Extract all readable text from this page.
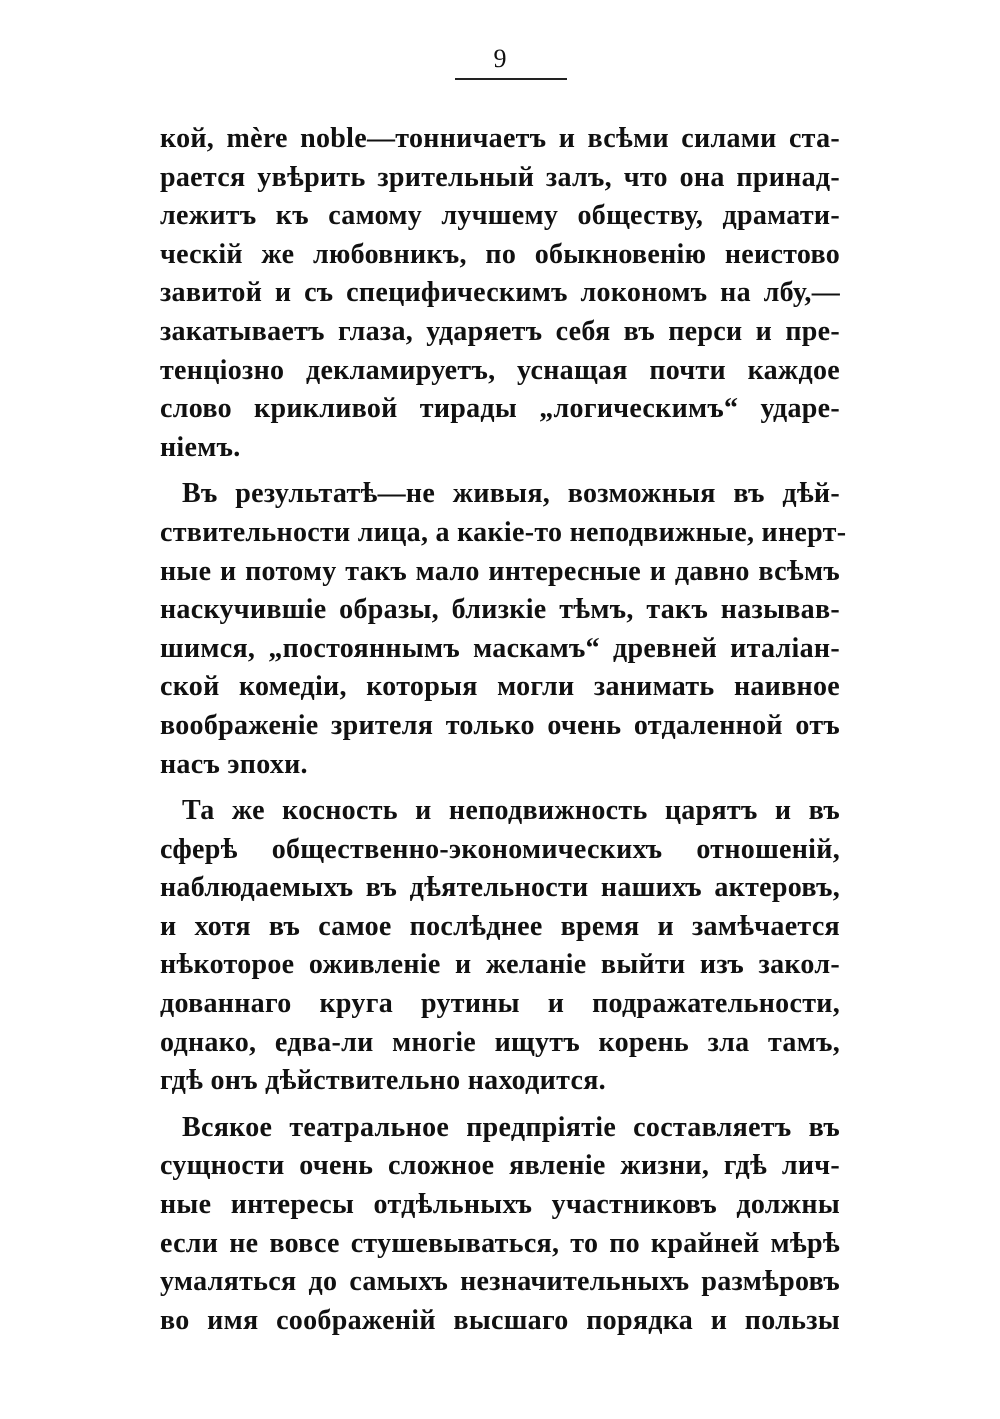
9
кой, mère noble—тонничаетъ и всѣми силами ста-
рается увѣрить зрительный залъ, что она принад-
лежитъ къ самому лучшему обществу, драмати-
ческій же любовникъ, по обыкновенію неистово
завитой и съ специфическимъ локономъ на лбу,—
закатываетъ глаза, ударяетъ себя въ перси и пре-
тенціозно декламируетъ, уснащая почти каждое
слово крикливой тирады „логическимъ“ ударе-
ніемъ.
Въ результатѣ—не живыя, возможныя въ дѣй-
ствительности лица, а какіе-то неподвижные, инерт-
ные и потому такъ мало интересные и давно всѣмъ
наскучившіе образы, близкіе тѣмъ, такъ называв-
шимся, „постояннымъ маскамъ“ древней италіан-
ской комедіи, которыя могли занимать наивное
воображеніе зрителя только очень отдаленной отъ
насъ эпохи.
Та же косность и неподвижность царятъ и въ
сферѣ общественно-экономическихъ отношеній,
наблюдаемыхъ въ дѣятельности нашихъ актеровъ,
и хотя въ самое послѣднее время и замѣчается
нѣкоторое оживленіе и желаніе выйти изъ закол-
дованнаго круга рутины и подражательности,
однако, едва-ли многіе ищутъ корень зла тамъ,
гдѣ онъ дѣйствительно находится.
Всякое театральное предпріятіе составляетъ въ
сущности очень сложное явленіе жизни, гдѣ лич-
ные интересы отдѣльныхъ участниковъ должны
если не вовсе стушевываться, то по крайней мѣрѣ
умаляться до самыхъ незначительныхъ размѣровъ
во имя соображеній высшаго порядка и пользы
